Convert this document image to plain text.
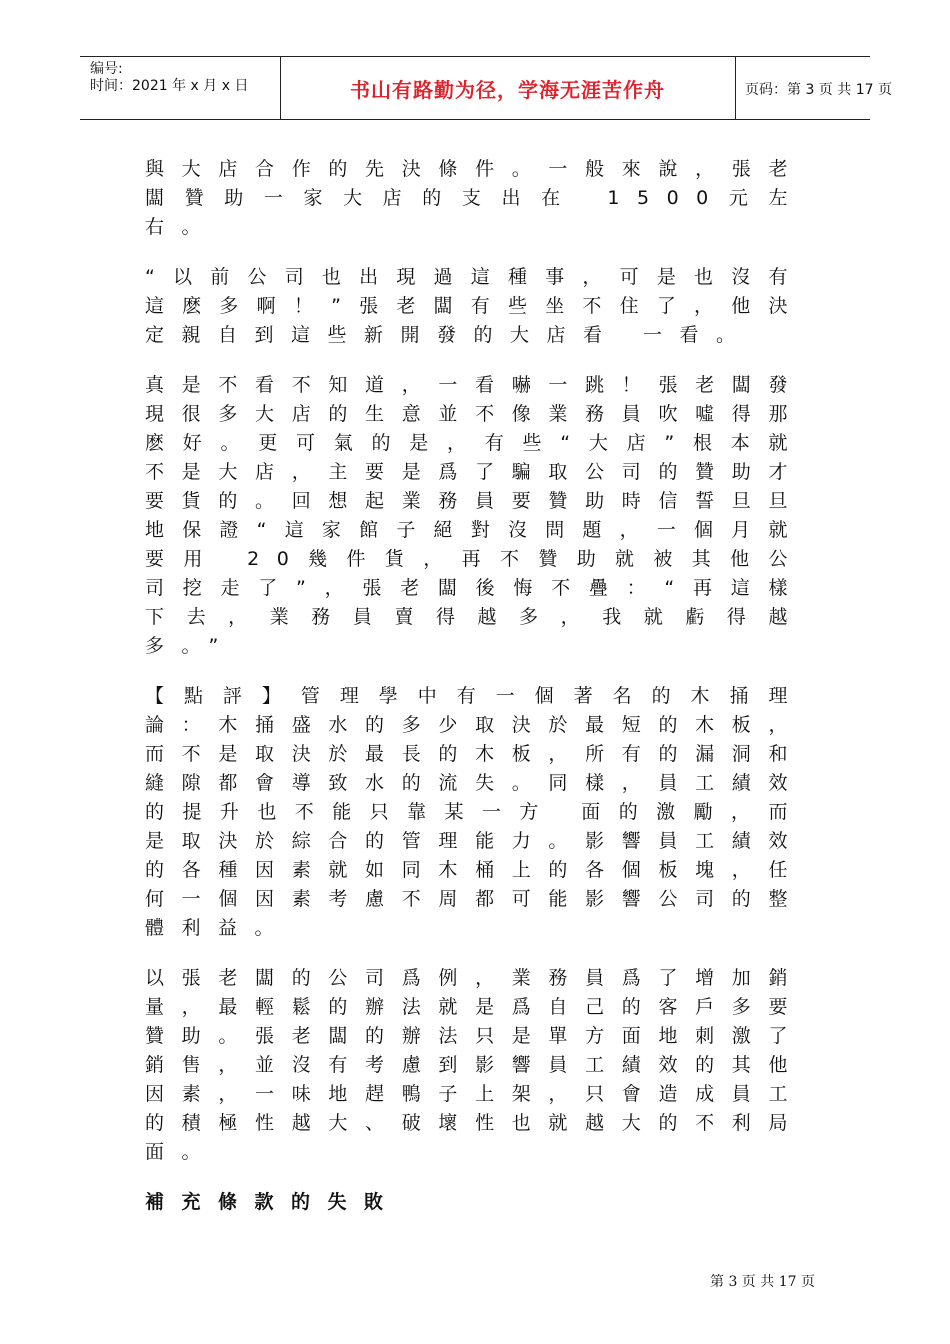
编号:
时间：2021 年 x 月 x 日	书山有路勤为径，学海无涯苦作舟	页码：第 3 页 共 17 页

與大店合作的先決條件。一般來說，張老闆贊助一家大店的支出在 1500元左右。

“以前公司也出現過這種事，可是也沒有這麽多啊！”張老闆有些坐不住了，他決定親自到這些新開發的大店看 一看。

真是不看不知道，一看嚇一跳！張老闆發現很多大店的生意並不像業務員吹噓得那麽好。更可氣的是，有些“大店”根本就不是大店，主要是爲了騙取公司的贊助才要貨的。回想起業務員要贊助時信誓旦旦地保證“這家館子絕對沒問題，一個月就要用 20幾件貨，再不贊助就被其他公司挖走了”，張老闆後悔不疊：“再這樣下去，業務員賣得越多，我就虧得越多。”

【點評】管理學中有一個著名的木捅理論：木捅盛水的多少取決於最短的木板，而不是取決於最長的木板，所有的漏洞和縫隙都會導致水的流失。同樣，員工績效的提升也不能只靠某一方 面的激勵，而是取決於綜合的管理能力。影響員工績效的各種因素就如同木桶上的各個板塊，任何一個因素考慮不周都可能影響公司的整體利益。

以張老闆的公司爲例，業務員爲了增加銷量，最輕鬆的辦法就是爲自己的客戶多要贊助。張老闆的辦法只是單方面地刺激了銷售，並沒有考慮到影響員工績效的其他因素，一味地趕鴨子上架，只會造成員工的積極性越大、破壞性也就越大的不利局面。

補充條款的失敗

第 3 页 共 17 页
